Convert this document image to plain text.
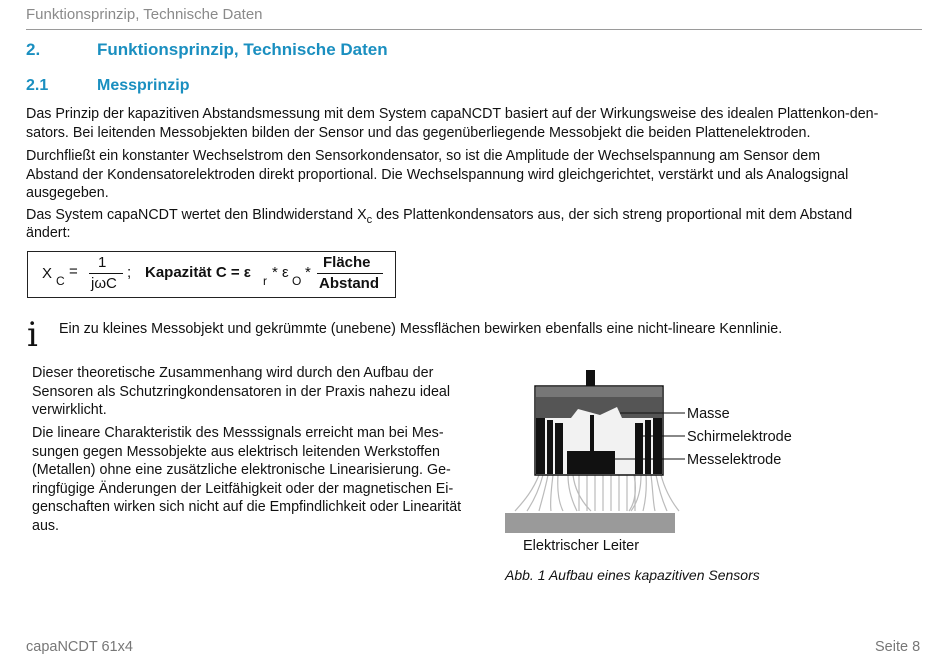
Funktionsprinzip, Technische Daten
2.	Funktionsprinzip, Technische Daten
2.1	Messprinzip
Das Prinzip der kapazitiven Abstandsmessung mit dem System capaNCDT basiert auf der Wirkungsweise des idealen Plattenkon-den-
sators. Bei leitenden Messobjekten bilden der Sensor und das gegenüberliegende Messobjekt die beiden Plattenelektroden.
Durchfließt ein konstanter Wechselstrom den Sensorkondensator, so ist die Amplitude der Wechselspannung am Sensor dem
Abstand der Kondensatorelektroden direkt proportional. Die Wechselspannung wird gleichgerichtet, verstärkt und als Analogsignal
ausgegeben.
Das System capaNCDT wertet den Blindwiderstand $X_c$ des Plattenkondensators aus, der sich streng proportional mit dem Abstand
ändert:
X C
=
1
jωC
; Kapazität C = ε r * ε O *
Fläche
Abstand
i Ein zu kleines Messobjekt und gekrümmte (unebene) Messflächen bewirken ebenfalls eine nicht-lineare Kennlinie.
Dieser theoretische Zusammenhang wird durch den Aufbau der
Sensoren als Schutzringkondensatoren in der Praxis nahezu ideal
verwirklicht.
Die lineare Charakteristik des Messsignals erreicht man bei Mes-
sungen gegen Messobjekte aus elektrisch leitenden Werkstoffen
(Metallen) ohne eine zusätzliche elektronische Linearisierung. Ge-
ringfügige Änderungen der Leitfähigkeit oder der magnetischen Ei-
genschaften wirken sich nicht auf die Empfindlichkeit oder Linearität
aus.
Masse
Schirmelektrode
Messelektrode
Elektrischer Leiter
Abb. 1 Aufbau eines kapazitiven Sensors
capaNCDT 61x4	Seite 8
